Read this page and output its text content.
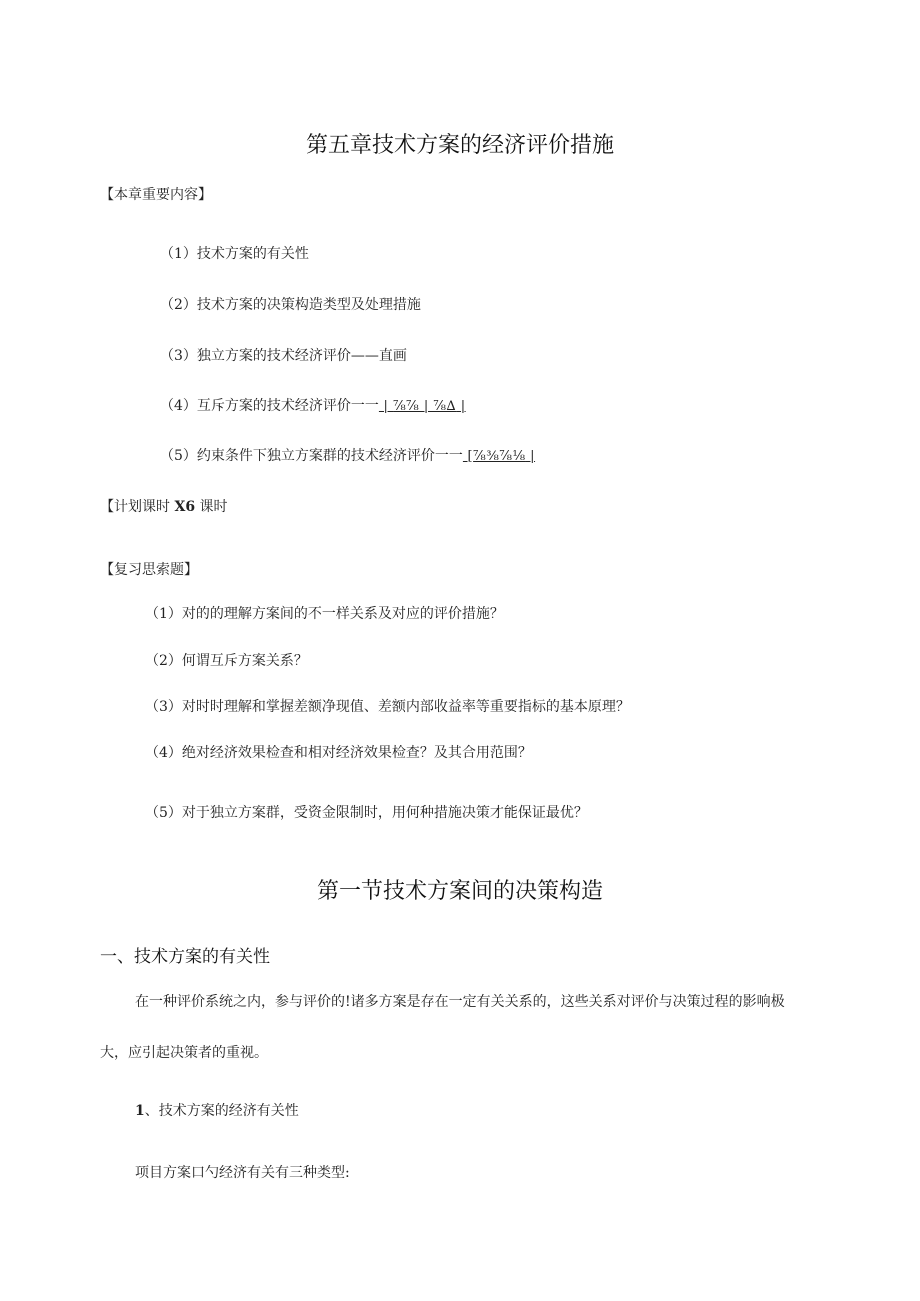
第五章技术方案的经济评价措施
【本章重要内容】
（1）技术方案的有关性
（2）技术方案的决策构造类型及处理措施
（3）独立方案的技术经济评价——直画
（4）互斥方案的技术经济评价一一 | ⅞⅞ | ⅞∆ |
（5）约束条件下独立方案群的技术经济评价一一 [⅞⅜⅞⅛ |
【计划课时 X6 课时
【复习思索题】
（1）对的的理解方案间的不一样关系及对应的评价措施？
（2）何谓互斥方案关系？
（3）对时时理解和掌握差额净现值、差额内部收益率等重要指标的基本原理？
（4）绝对经济效果检查和相对经济效果检查？及其合用范围？
（5）对于独立方案群，受资金限制时，用何种措施决策才能保证最优？
第一节技术方案间的决策构造
一、技术方案的有关性
在一种评价系统之内，参与评价的!诸多方案是存在一定有关关系的，这些关系对评价与决策过程的影响极
大，应引起决策者的重视。
1、技术方案的经济有关性
项目方案口勺经济有关有三种类型:
